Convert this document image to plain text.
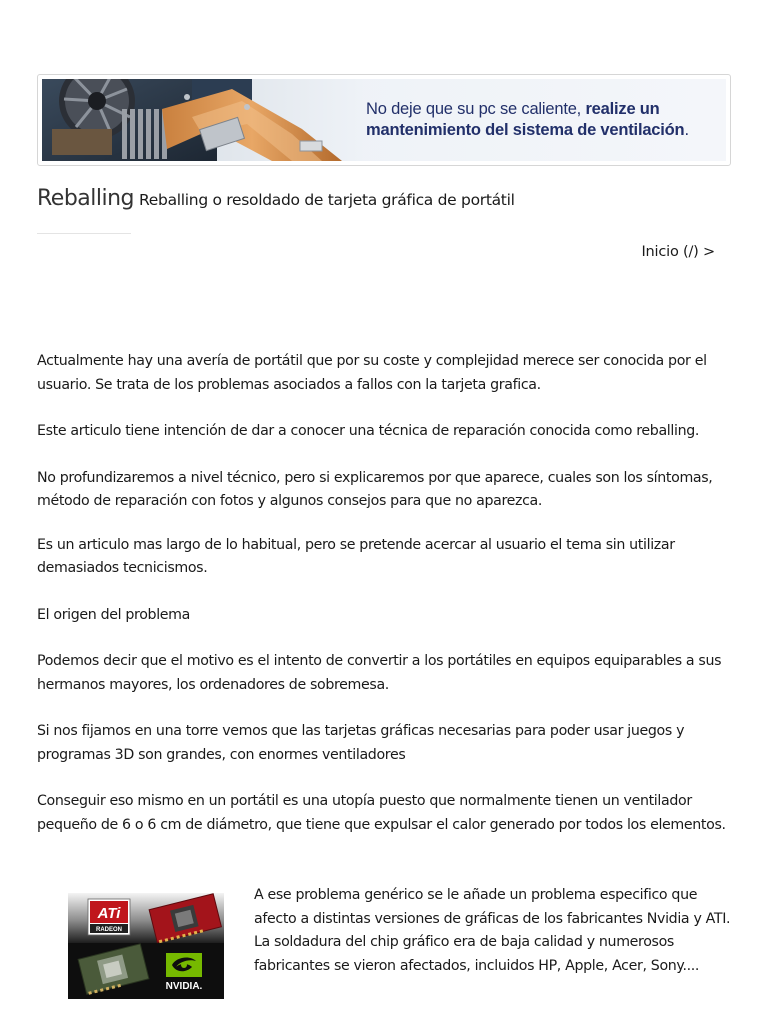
No deje que su pc se caliente, realize un mantenimiento del sistema de ventilación.
Reballing Reballing o resoldado de tarjeta gráfica de portátil
Inicio (/) >

Actualmente hay una avería de portátil que por su coste y complejidad merece ser conocida por el usuario. Se trata de los problemas asociados a fallos con la tarjeta grafica.

Este articulo tiene intención de dar a conocer una técnica de reparación conocida como reballing.

No profundizaremos a nivel técnico, pero si explicaremos por que aparece, cuales son los síntomas, método de reparación con fotos y algunos consejos para que no aparezca.

Es un articulo mas largo de lo habitual, pero se pretende acercar al usuario el tema sin utilizar demasiados tecnicismos.

El origen del problema

Podemos decir que el motivo es el intento de convertir a los portátiles en equipos equiparables a sus hermanos mayores, los ordenadores de sobremesa.

Si nos fijamos en una torre vemos que las tarjetas gráficas necesarias para poder usar juegos y programas 3D son grandes, con enormes ventiladores

Conseguir eso mismo en un portátil es una utopía puesto que normalmente tienen un ventilador pequeño de 6 o 6 cm de diámetro, que tiene que expulsar el calor generado por todos los elementos.

ATi
RADEON
NVIDIA.
A ese problema genérico se le añade un problema especifico que afecto a distintas versiones de gráficas de los fabricantes Nvidia y ATI. La soldadura del chip gráfico era de baja calidad y numerosos fabricantes se vieron afectados, incluidos HP, Apple, Acer, Sony....
